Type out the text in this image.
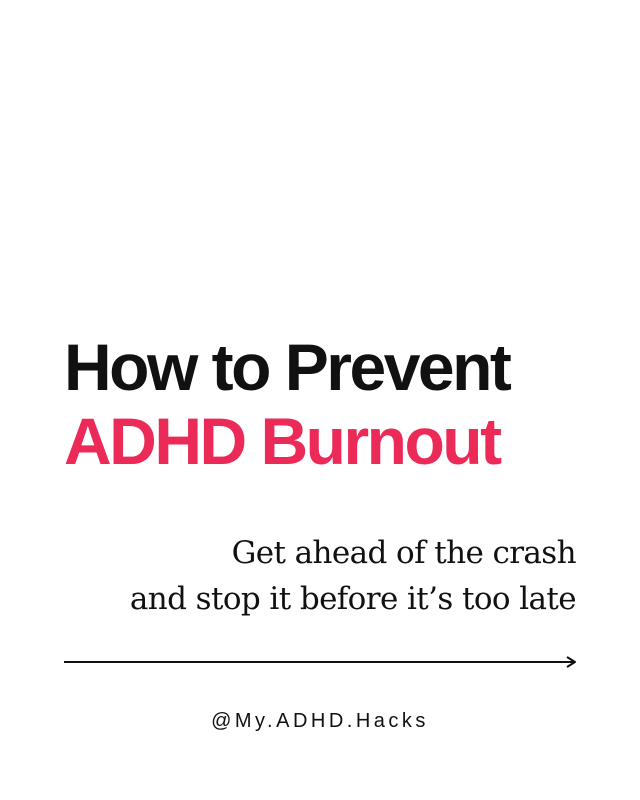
How to Prevent
ADHD Burnout

Get ahead of the crash
and stop it before it’s too late

@My.ADHD.Hacks
